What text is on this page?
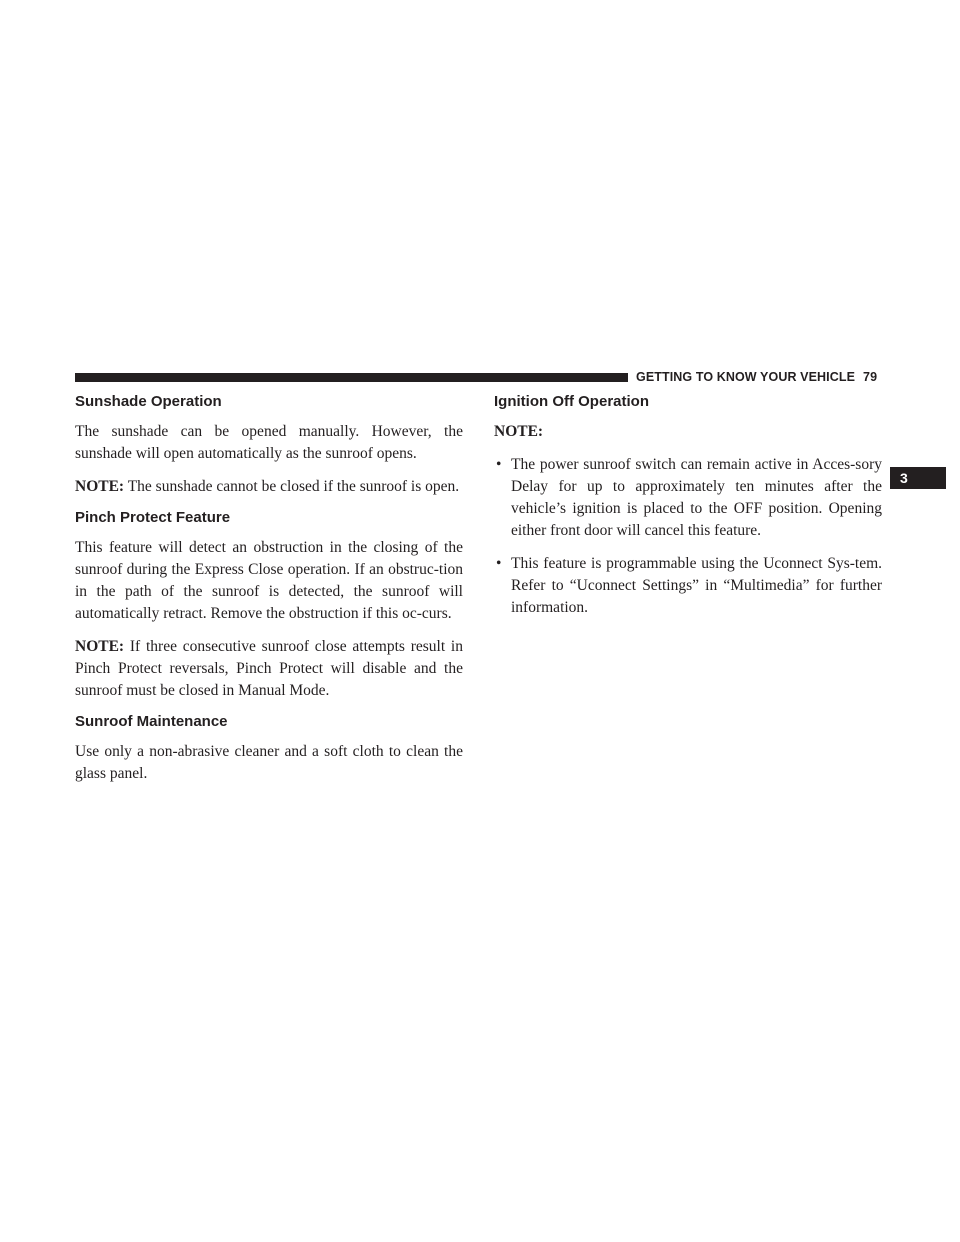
GETTING TO KNOW YOUR VEHICLE 79
3
Sunshade Operation

The sunshade can be opened manually. However, the sunshade will open automatically as the sunroof opens.

NOTE: The sunshade cannot be closed if the sunroof is open.

Pinch Protect Feature

This feature will detect an obstruction in the closing of the sunroof during the Express Close operation. If an obstruc-tion in the path of the sunroof is detected, the sunroof will automatically retract. Remove the obstruction if this oc-curs.

NOTE: If three consecutive sunroof close attempts result in Pinch Protect reversals, Pinch Protect will disable and the sunroof must be closed in Manual Mode.

Sunroof Maintenance

Use only a non-abrasive cleaner and a soft cloth to clean the glass panel.

Ignition Off Operation

NOTE:

• The power sunroof switch can remain active in Acces-sory Delay for up to approximately ten minutes after the vehicle’s ignition is placed to the OFF position. Opening either front door will cancel this feature.
• This feature is programmable using the Uconnect Sys-tem. Refer to “Uconnect Settings” in “Multimedia” for further information.
